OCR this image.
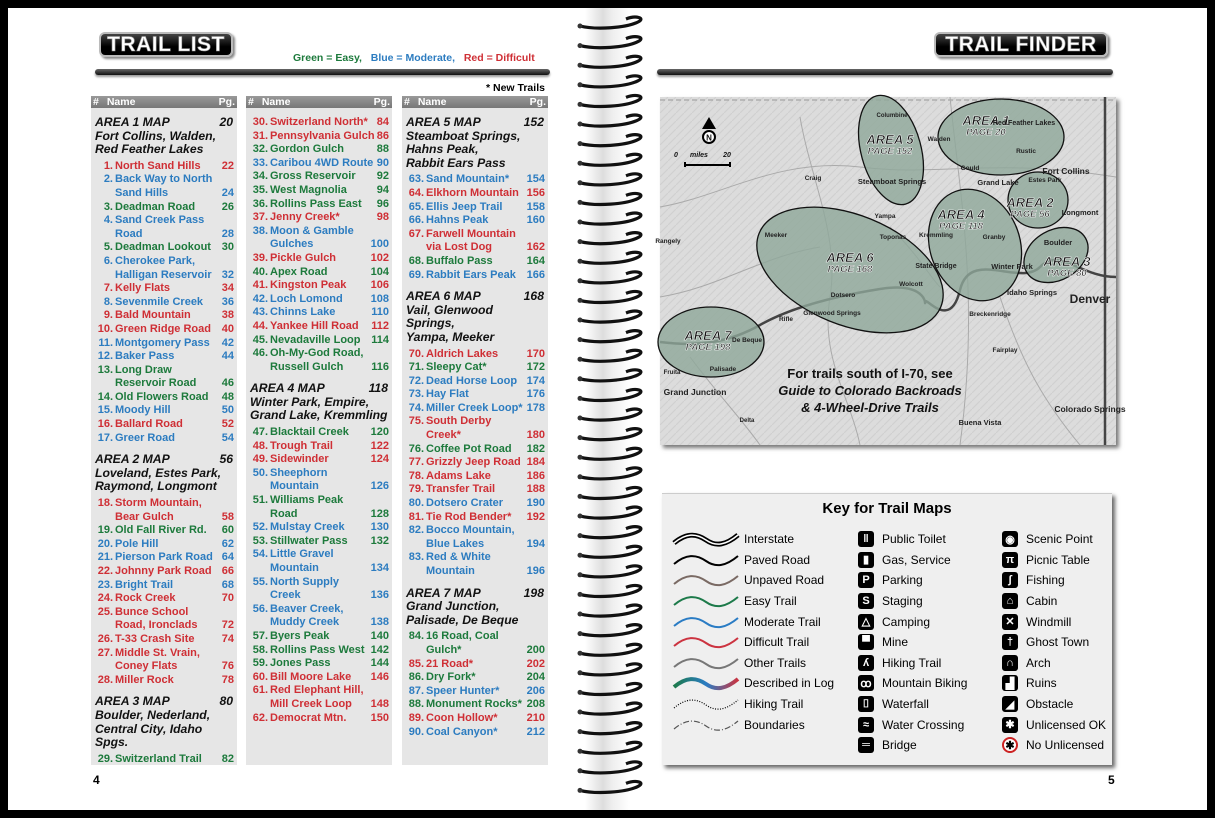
TRAIL LIST
Green = Easy, Blue = Moderate, Red = Difficult
* New Trails
# Name	Pg.
AREA 1 MAP	20
Fort Collins, Walden,
Red Feather Lakes
1. North Sand Hills	22
2. Back Way to North Sand Hills	24
3. Deadman Road	26
4. Sand Creek Pass Road	28
5. Deadman Lookout 30
6. Cherokee Park, Halligan Reservoir 32
7. Kelly Flats	34
8. Sevenmile Creek	36
9. Bald Mountain	38
10. Green Ridge Road 40
11. Montgomery Pass	42
12. Baker Pass	44
13. Long Draw Reservoir Road	46
14. Old Flowers Road	48
15. Moody Hill	50
16. Ballard Road	52
17. Greer Road	54
AREA 2 MAP	56
Loveland, Estes Park,
Raymond, Longmont
18. Storm Mountain, Bear Gulch	58
19. Old Fall River Rd.	60
20. Pole Hill	62
21. Pierson Park Road 64
22. Johnny Park Road 66
23. Bright Trail	68
24. Rock Creek	70
25. Bunce School Road, Ironclads	72
26. T-33 Crash Site	74
27. Middle St. Vrain, Coney Flats	76
28. Miller Rock	78
AREA 3 MAP	80
Boulder, Nederland,
Central City, Idaho Spgs.
29. Switzerland Trail	82
# Name	Pg.
30. Switzerland North* 84
31. Pennsylvania Gulch 86
32. Gordon Gulch	88
33. Caribou 4WD Route 90
34. Gross Reservoir	92
35. West Magnolia	94
36. Rollins Pass East	96
37. Jenny Creek*	98
38. Moon & Gamble Gulches	100
39. Pickle Gulch	102
40. Apex Road	104
41. Kingston Peak	106
42. Loch Lomond	108
43. Chinns Lake	110
44. Yankee Hill Road	112
45. Nevadaville Loop 114
46. Oh-My-God Road, Russell Gulch	116
AREA 4 MAP	118
Winter Park, Empire,
Grand Lake, Kremmling
47. Blacktail Creek	120
48. Trough Trail	122
49. Sidewinder	124
50. Sheephorn Mountain	126
51. Williams Peak Road	128
52. Mulstay Creek	130
53. Stillwater Pass	132
54. Little Gravel Mountain	134
55. North Supply Creek	136
56. Beaver Creek, Muddy Creek	138
57. Byers Peak	140
58. Rollins Pass West 142
59. Jones Pass	144
60. Bill Moore Lake	146
61. Red Elephant Hill, Mill Creek Loop	148
62. Democrat Mtn.	150
# Name	Pg.
AREA 5 MAP	152
Steamboat Springs,
Hahns Peak,
Rabbit Ears Pass
63. Sand Mountain*	154
64. Elkhorn Mountain 156
65. Ellis Jeep Trail	158
66. Hahns Peak	160
67. Farwell Mountain via Lost Dog	162
68. Buffalo Pass	164
69. Rabbit Ears Peak 166
AREA 6 MAP	168
Vail, Glenwood Springs,
Yampa, Meeker
70. Aldrich Lakes	170
71. Sleepy Cat*	172
72. Dead Horse Loop 174
73. Hay Flat	176
74. Miller Creek Loop* 178
75. South Derby Creek*	180
76. Coffee Pot Road	182
77. Grizzly Jeep Road 184
78. Adams Lake	186
79. Transfer Trail	188
80. Dotsero Crater	190
81. Tie Rod Bender*	192
82. Bocco Mountain, Blue Lakes	194
83. Red & White Mountain	196
AREA 7 MAP	198
Grand Junction,
Palisade, De Beque
84. 16 Road, Coal Gulch*	200
85. 21 Road*	202
86. Dry Fork*	204
87. Speer Hunter*	206
88. Monument Rocks* 208
89. Coon Hollow*	210
90. Coal Canyon*	212
4
TRAIL FINDER
AREA 1
PAGE 20
AREA 2
PAGE 56
AREA 3
PAGE 80
AREA 4
PAGE 118
AREA 5
PAGE 152
AREA 6
PAGE 168
AREA 7
PAGE 198
For trails south of I-70, see
Guide to Colorado Backroads
& 4-Wheel-Drive Trails
Denver
Fort Collins
Grand Junction
Colorado Springs
Steamboat Springs	Grand Lake
Winter Park
Idaho Springs
Boulder
Longmont
State Bridge
Rangely
Craig
Walden
Buena Vista
Red Feather Lakes
Rustic
Estes Park
Kremmling	Granby
Meeker
Dotsero
Wolcott
Glenwood Springs
Palisade
De Beque
Fruita
Delta
Breckenridge
Fairplay
Gould
Columbine
Yampa
Toponas
Rifle
0 miles 20
N
Key for Trail Maps
Interstate
Paved Road
Unpaved Road
Easy Trail
Moderate Trail
Difficult Trail
Other Trails
Described in Log
Hiking Trail
Boundaries
ǁ	Public Toilet
▮	Gas, Service
P	Parking
S	Staging
△ Camping
▀	Mine
ʎ	Hiking Trail
ꝏ Mountain Biking
⌷	Waterfall
≈	Water Crossing
═	Bridge
◉ Scenic Point
π Picnic Table
∫	Fishing
⌂	Cabin
✕ Windmill
†	Ghost Town
∩	Arch
▟ Ruins
◢ Obstacle
✱ Unlicensed OK
✱ No Unlicensed
5
